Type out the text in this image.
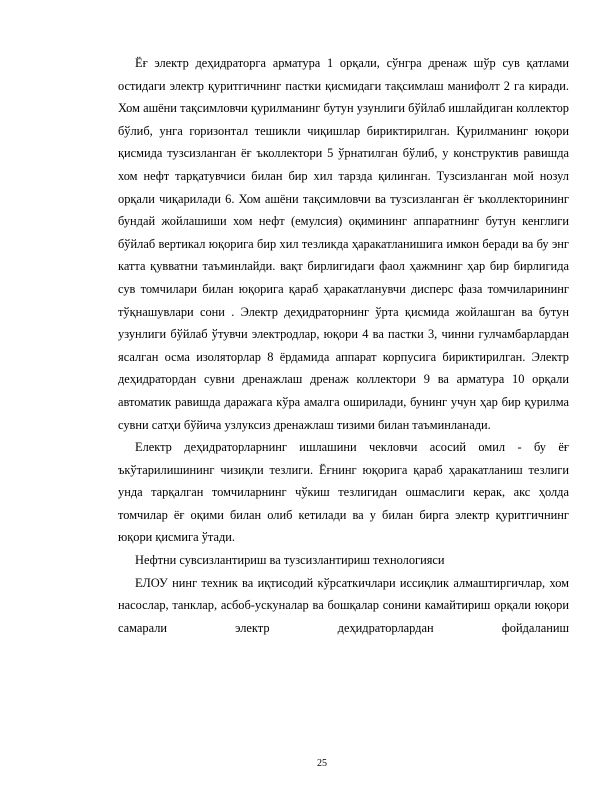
Ёғ электр деҳидраторга арматура 1 орқали, сўнгра дренаж шўр сув қатлами остидаги электр қуритгичнинг пастки қисмидаги тақсимлаш манифолт 2 га киради. Хом ашёни тақсимловчи қурилманинг бутун узунлиги бўйлаб ишлайдиган коллектор бўлиб, унга горизонтал тешикли чиқишлар бириктирилган. Қурилманинг юқори қисмида тузсизланган ёғ ъколлектори 5 ўрнатилган бўлиб, у конструктив равишда хом нефт тарқатувчиси билан бир хил тарзда қилинган. Тузсизланган мой нозул орқали чиқарилади 6. Хом ашёни тақсимловчи ва тузсизланган ёғ ъколлекторининг бундай жойлашиши хом нефт (емулсия) оқимининг аппаратнинг бутун кенглиги бўйлаб вертикал юқорига бир хил тезликда ҳаракатланишига имкон беради ва бу энг катта қувватни таъминлайди. вақт бирлигидаги фаол ҳажмнинг ҳар бир бирлигида сув томчилари билан юқорига қараб ҳаракатланувчи дисперс фаза томчиларининг тўқнашувлари сони . Электр деҳидраторнинг ўрта қисмида жойлашган ва бутун узунлиги бўйлаб ўтувчи электродлар, юқори 4 ва пастки 3, чинни гулчамбарлардан ясалган осма изоляторлар 8 ёрдамида аппарат корпусига бириктирилган. Электр деҳидратордан сувни дренажлаш дренаж коллектори 9 ва арматура 10 орқали автоматик равишда даражага кўра амалга оширилади, бунинг учун ҳар бир қурилма сувни сатҳи бўйича узлуксиз дренажлаш тизими билан таъминланади.

Електр деҳидраторларнинг ишлашини чекловчи асосий омил - бу ёғ ъкўтарилишининг чизиқли тезлиги. Ёғнинг юқорига қараб ҳаракатланиш тезлиги унда тарқалган томчиларнинг чўкиш тезлигидан ошмаслиги керак, акс ҳолда томчилар ёғ оқими билан олиб кетилади ва у билан бирга электр қуритгичнинг юқори қисмига ўтади.

Нефтни сувсизлантириш ва тузсизлантириш технологияси

ЕЛОУ нинг техник ва иқтисодий кўрсаткичлари иссиқлик алмаштиргичлар, хом насослар, танклар, асбоб-ускуналар ва бошқалар сонини камайтириш орқали юқори самарали электр деҳидраторлардан фойдаланиш

25
